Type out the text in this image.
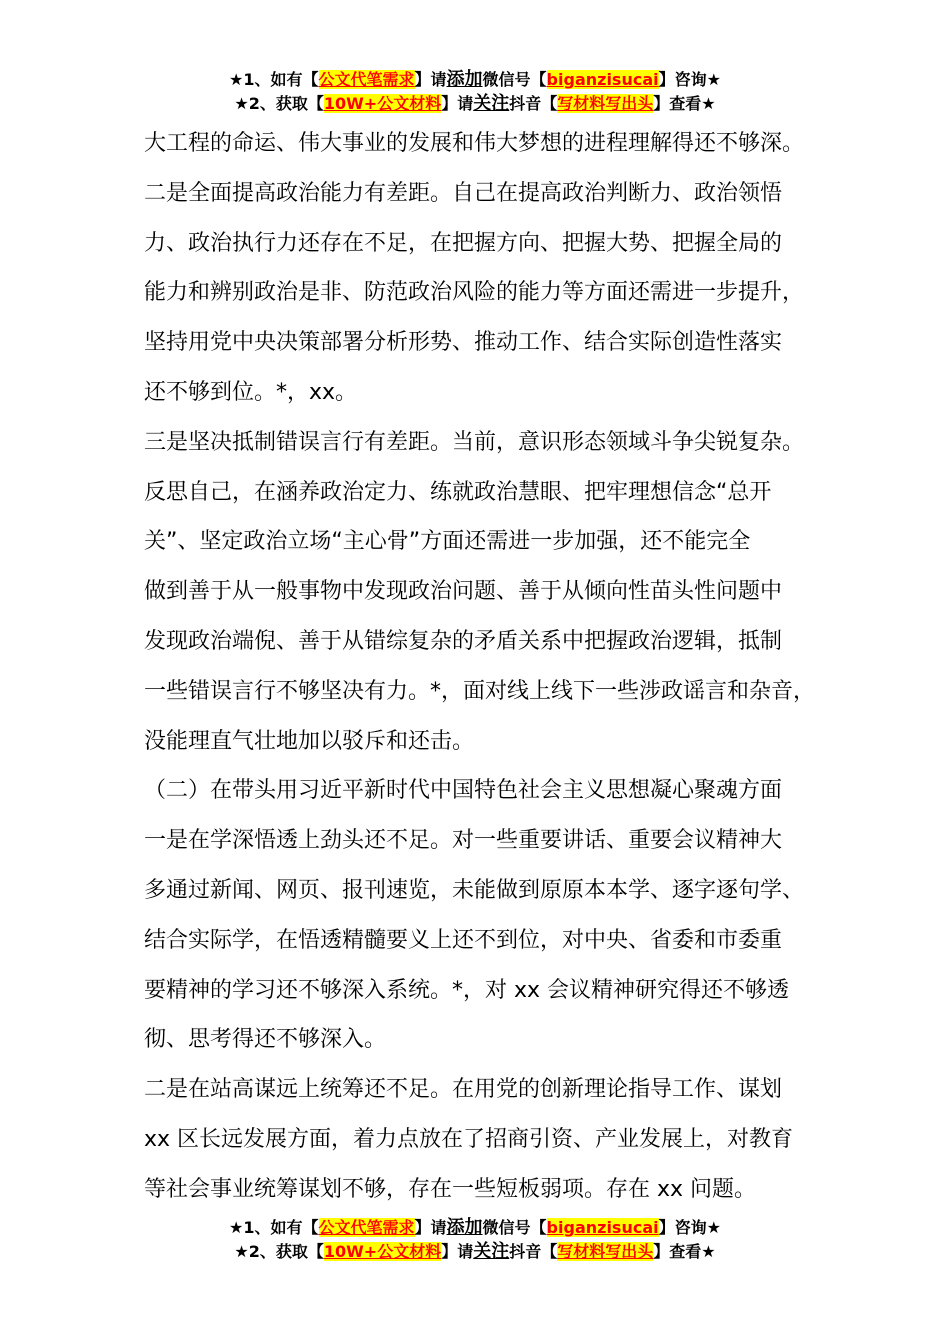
★1、如有【公文代笔需求】请添加微信号【biganzisucai】咨询★
★2、获取【10W+公文材料】请关注抖音【写材料写出头】查看★
大工程的命运、伟大事业的发展和伟大梦想的进程理解得还不够深。
二是全面提高政治能力有差距。自己在提高政治判断力、政治领悟
力、政治执行力还存在不足，在把握方向、把握大势、把握全局的
能力和辨别政治是非、防范政治风险的能力等方面还需进一步提升，
坚持用党中央决策部署分析形势、推动工作、结合实际创造性落实
还不够到位。*，xx。
三是坚决抵制错误言行有差距。当前，意识形态领域斗争尖锐复杂。
反思自己，在涵养政治定力、练就政治慧眼、把牢理想信念“总开
关”、坚定政治立场“主心骨”方面还需进一步加强，还不能完全
做到善于从一般事物中发现政治问题、善于从倾向性苗头性问题中
发现政治端倪、善于从错综复杂的矛盾关系中把握政治逻辑，抵制
一些错误言行不够坚决有力。*，面对线上线下一些涉政谣言和杂音，
没能理直气壮地加以驳斥和还击。
（二）在带头用习近平新时代中国特色社会主义思想凝心聚魂方面
一是在学深悟透上劲头还不足。对一些重要讲话、重要会议精神大
多通过新闻、网页、报刊速览，未能做到原原本本学、逐字逐句学、
结合实际学，在悟透精髓要义上还不到位，对中央、省委和市委重
要精神的学习还不够深入系统。*，对 xx 会议精神研究得还不够透
彻、思考得还不够深入。
二是在站高谋远上统筹还不足。在用党的创新理论指导工作、谋划
xx 区长远发展方面，着力点放在了招商引资、产业发展上，对教育
等社会事业统筹谋划不够，存在一些短板弱项。存在 xx 问题。
★1、如有【公文代笔需求】请添加微信号【biganzisucai】咨询★
★2、获取【10W+公文材料】请关注抖音【写材料写出头】查看★
